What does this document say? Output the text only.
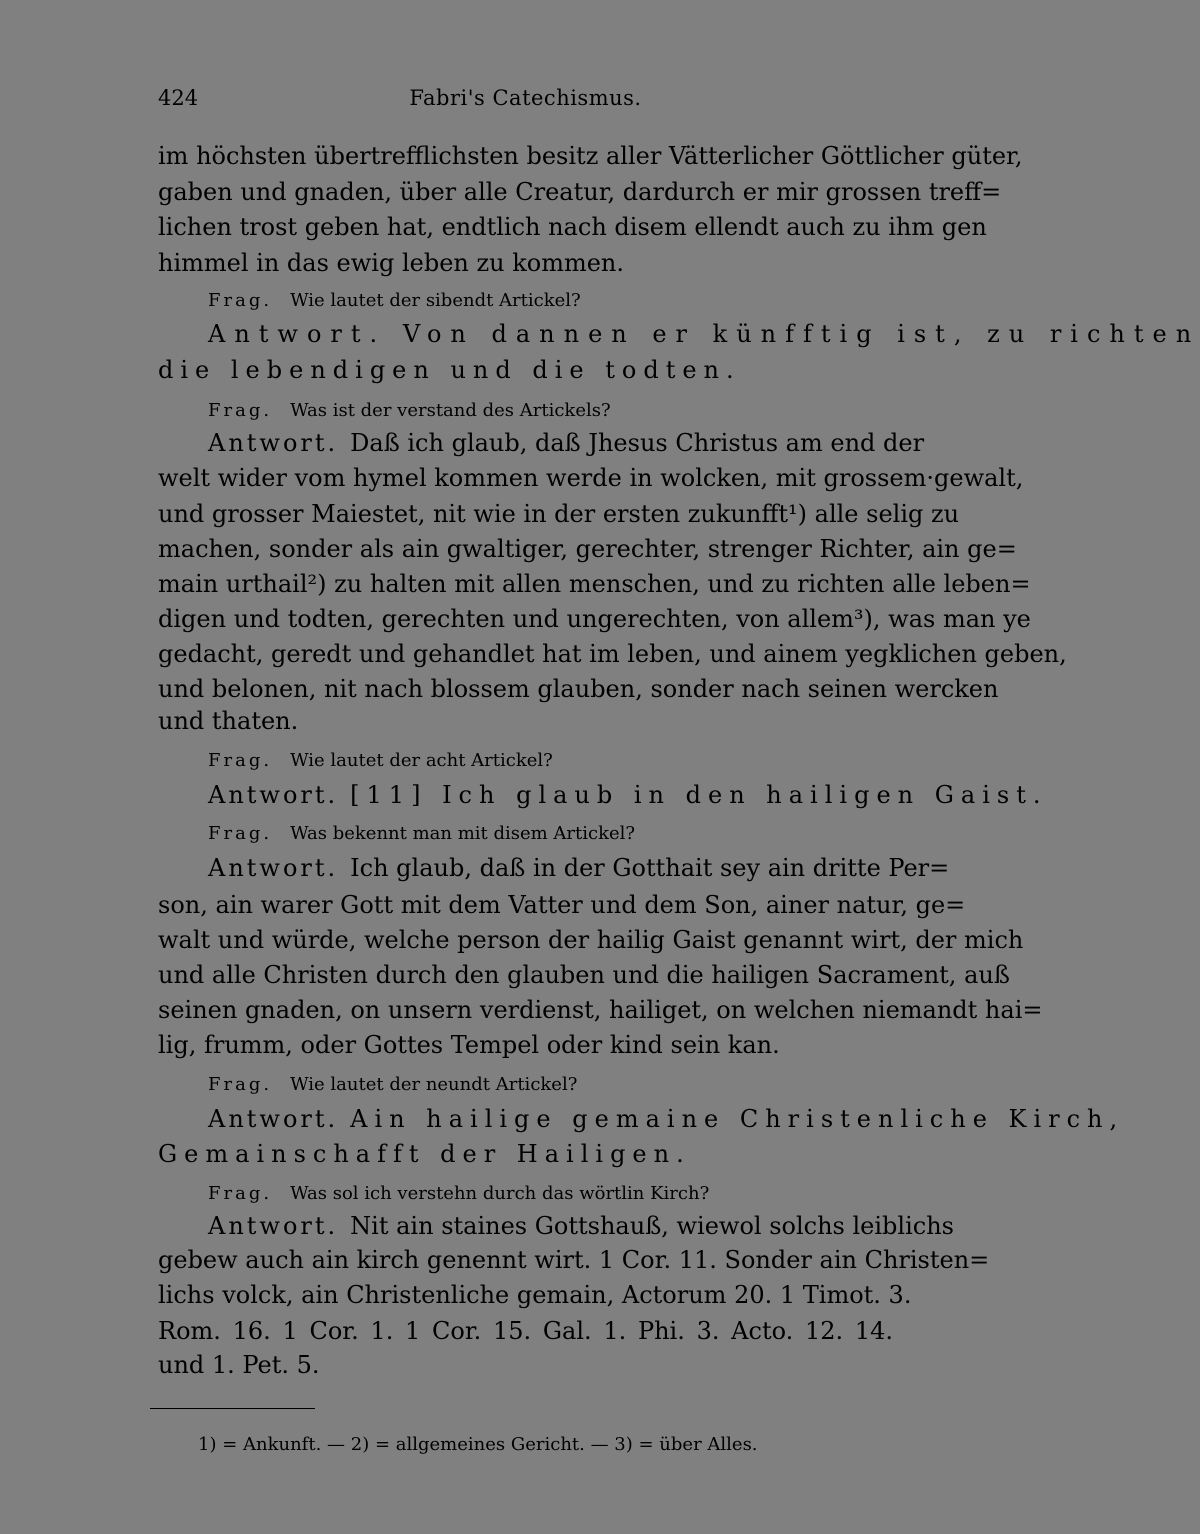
424	Fabri's Catechismus.
im höchsten übertrefflichsten besitz aller Vätterlicher Göttlicher güter,
gaben und gnaden, über alle Creatur, dardurch er mir grossen treff=
lichen trost geben hat, endtlich nach disem ellendt auch zu ihm gen
himmel in das ewig leben zu kommen.
Frag. Wie lautet der sibendt Artickel?
Antwort. Von dannen er künfftig ist, zu richten
die lebendigen und die todten.
Frag. Was ist der verstand des Artickels?
Antwort. Daß ich glaub, daß Jhesus Christus am end der
welt wider vom hymel kommen werde in wolcken, mit grossem·gewalt,
und grosser Maiestet, nit wie in der ersten zukunfft¹) alle selig zu
machen, sonder als ain gwaltiger, gerechter, strenger Richter, ain ge=
main urthail²) zu halten mit allen menschen, und zu richten alle leben=
digen und todten, gerechten und ungerechten, von allem³), was man ye
gedacht, geredt und gehandlet hat im leben, und ainem yegklichen geben,
und belonen, nit nach blossem glauben, sonder nach seinen wercken
und thaten.
Frag. Wie lautet der acht Artickel?
Antwort. [11] Ich glaub in den hailigen Gaist.
Frag. Was bekennt man mit disem Artickel?
Antwort. Ich glaub, daß in der Gotthait sey ain dritte Per=
son, ain warer Gott mit dem Vatter und dem Son, ainer natur, ge=
walt und würde, welche person der hailig Gaist genannt wirt, der mich
und alle Christen durch den glauben und die hailigen Sacrament, auß
seinen gnaden, on unsern verdienst, hailiget, on welchen niemandt hai=
lig, frumm, oder Gottes Tempel oder kind sein kan.
Frag. Wie lautet der neundt Artickel?
Antwort. Ain hailige gemaine Christenliche Kirch,
Gemainschafft der Hailigen.
Frag. Was sol ich verstehn durch das wörtlin Kirch?
Antwort. Nit ain staines Gottshauß, wiewol solchs leiblichs
gebew auch ain kirch genennt wirt. 1 Cor. 11. Sonder ain Christen=
lichs volck, ain Christenliche gemain, Actorum 20. 1 Timot. 3.
Rom. 16. 1 Cor. 1. 1 Cor. 15. Gal. 1. Phi. 3. Acto. 12. 14.
und 1. Pet. 5.
1) = Ankunft. — 2) = allgemeines Gericht. — 3) = über Alles.
